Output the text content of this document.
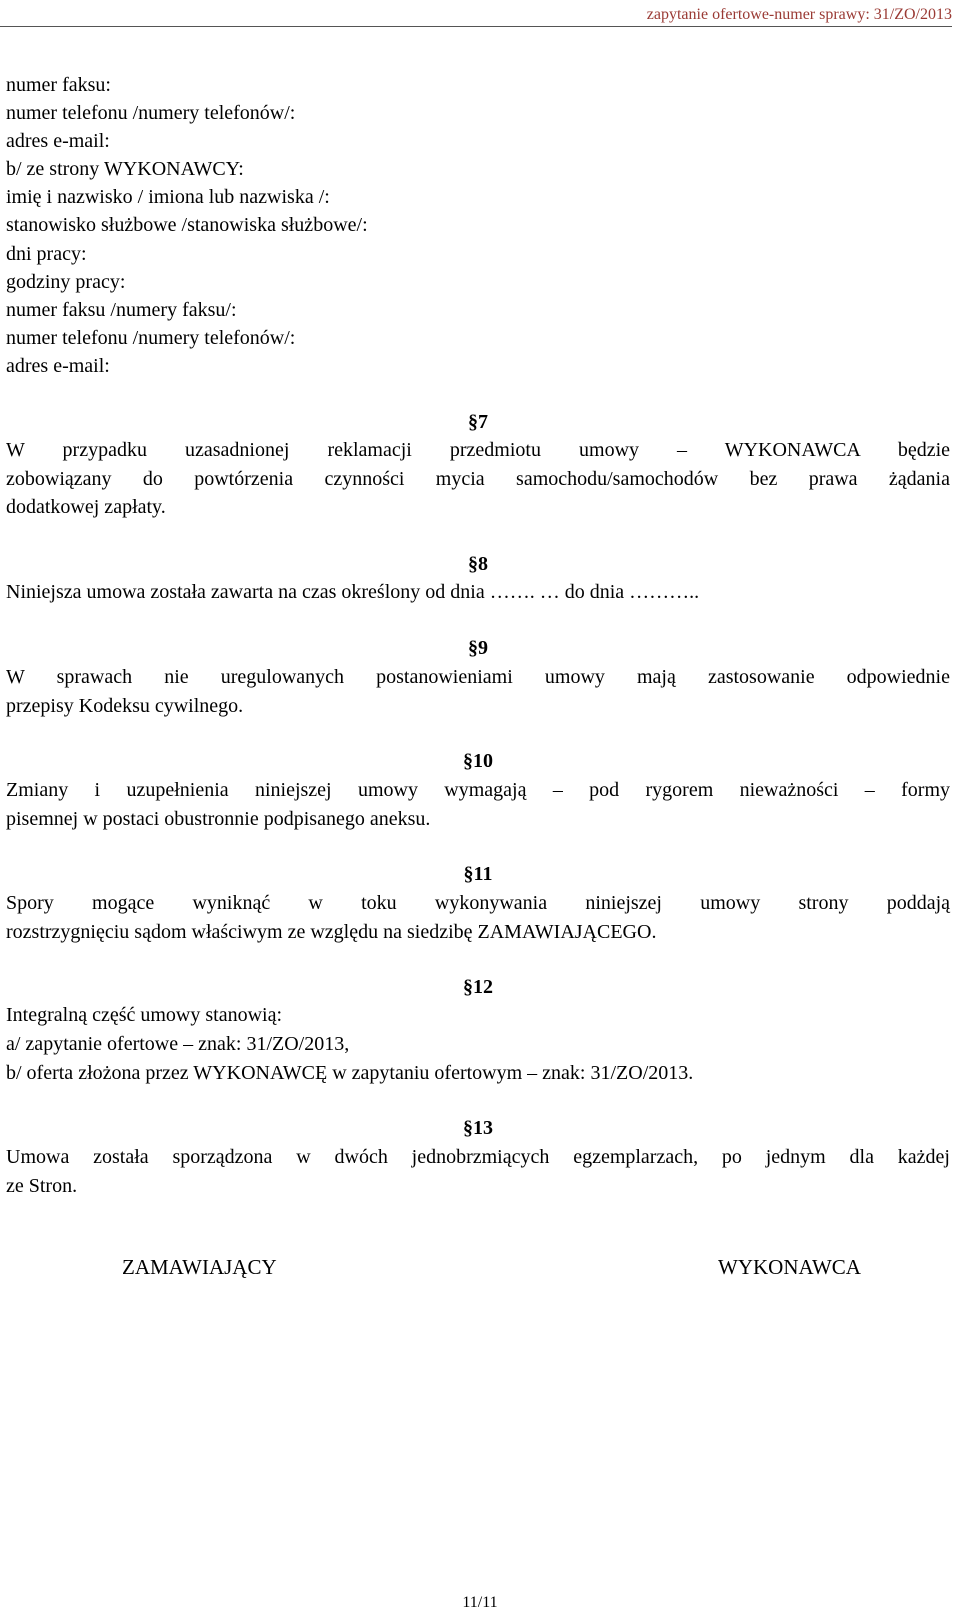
zapytanie ofertowe-numer sprawy: 31/ZO/2013
numer faksu:
numer telefonu /numery telefonów/:
adres e-mail:
b/ ze strony WYKONAWCY:
imię i nazwisko / imiona lub nazwiska /:
stanowisko służbowe /stanowiska służbowe/:
dni pracy:
godziny pracy:
numer faksu /numery faksu/:
numer telefonu /numery telefonów/:
adres e-mail:
§7
W przypadku uzasadnionej reklamacji przedmiotu umowy – WYKONAWCA będzie
zobowiązany do powtórzenia czynności mycia samochodu/samochodów bez prawa żądania
dodatkowej zapłaty.
§8
Niniejsza umowa została zawarta na czas określony od dnia ……. … do dnia ………..
§9
W sprawach nie uregulowanych postanowieniami umowy mają zastosowanie odpowiednie
przepisy Kodeksu cywilnego.
§10
Zmiany i uzupełnienia niniejszej umowy wymagają – pod rygorem nieważności – formy
pisemnej w postaci obustronnie podpisanego aneksu.
§11
Spory mogące wyniknąć w toku wykonywania niniejszej umowy strony poddają
rozstrzygnięciu sądom właściwym ze względu na siedzibę ZAMAWIAJĄCEGO.
§12
Integralną część umowy stanowią:
a/ zapytanie ofertowe – znak: 31/ZO/2013,
b/ oferta złożona przez WYKONAWCĘ w zapytaniu ofertowym – znak: 31/ZO/2013.
§13
Umowa została sporządzona w dwóch jednobrzmiących egzemplarzach, po jednym dla każdej
ze Stron.
ZAMAWIAJĄCY	WYKONAWCA
11/11
